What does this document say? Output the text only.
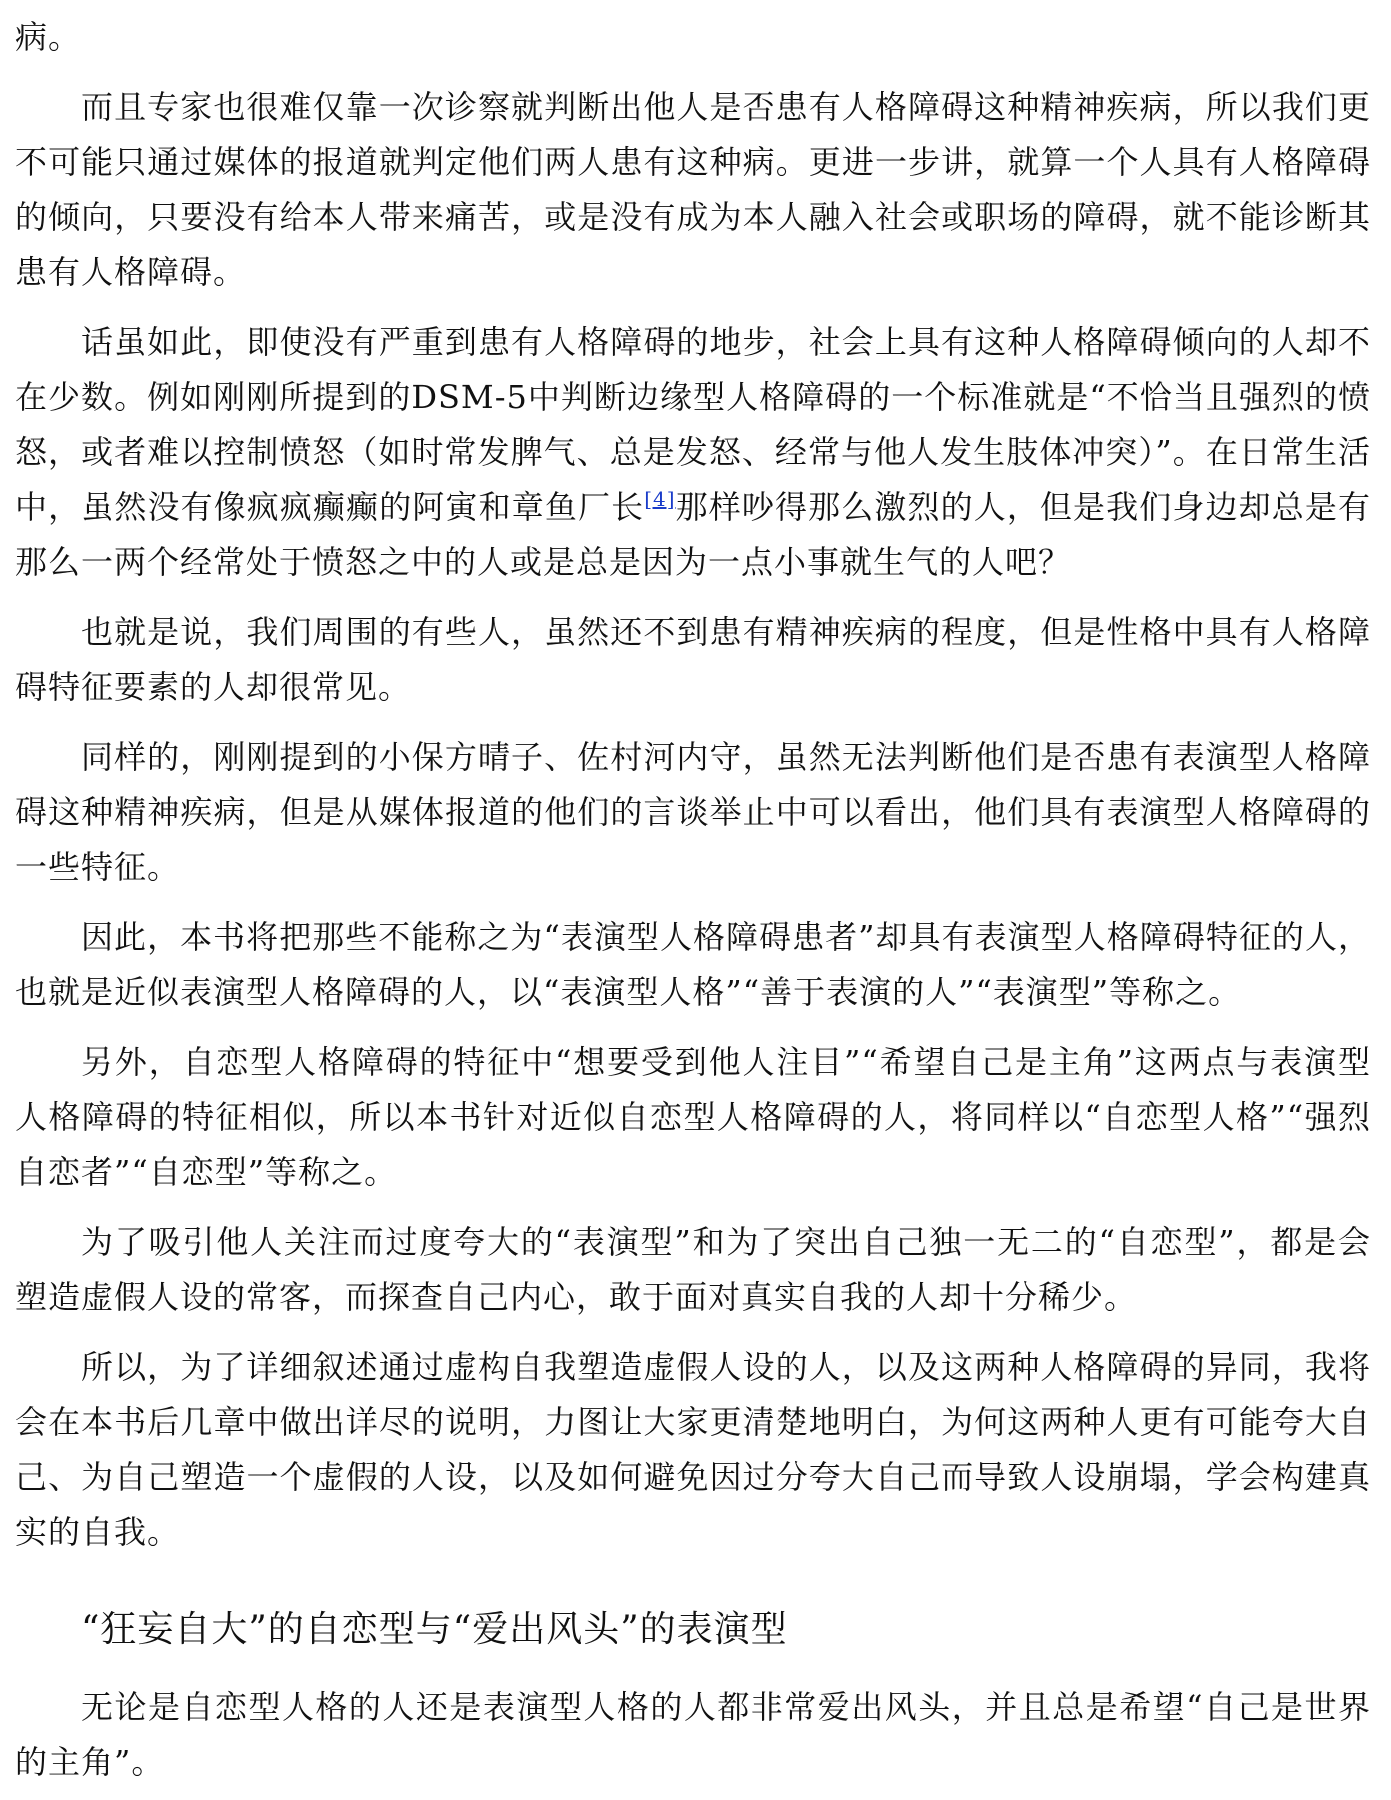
病。

而且专家也很难仅靠一次诊察就判断出他人是否患有人格障碍这种精神疾病，所以我们更不可能只通过媒体的报道就判定他们两人患有这种病。更进一步讲，就算一个人具有人格障碍的倾向，只要没有给本人带来痛苦，或是没有成为本人融入社会或职场的障碍，就不能诊断其患有人格障碍。

话虽如此，即使没有严重到患有人格障碍的地步，社会上具有这种人格障碍倾向的人却不在少数。例如刚刚所提到的DSM-5中判断边缘型人格障碍的一个标准就是“不恰当且强烈的愤怒，或者难以控制愤怒（如时常发脾气、总是发怒、经常与他人发生肢体冲突）”。在日常生活中，虽然没有像疯疯癫癫的阿寅和章鱼厂长[4]那样吵得那么激烈的人，但是我们身边却总是有那么一两个经常处于愤怒之中的人或是总是因为一点小事就生气的人吧？

也就是说，我们周围的有些人，虽然还不到患有精神疾病的程度，但是性格中具有人格障碍特征要素的人却很常见。

同样的，刚刚提到的小保方晴子、佐村河内守，虽然无法判断他们是否患有表演型人格障碍这种精神疾病，但是从媒体报道的他们的言谈举止中可以看出，他们具有表演型人格障碍的一些特征。

因此，本书将把那些不能称之为“表演型人格障碍患者”却具有表演型人格障碍特征的人，也就是近似表演型人格障碍的人，以“表演型人格”“善于表演的人”“表演型”等称之。

另外，自恋型人格障碍的特征中“想要受到他人注目”“希望自己是主角”这两点与表演型人格障碍的特征相似，所以本书针对近似自恋型人格障碍的人，将同样以“自恋型人格”“强烈自恋者”“自恋型”等称之。

为了吸引他人关注而过度夸大的“表演型”和为了突出自己独一无二的“自恋型”，都是会塑造虚假人设的常客，而探查自己内心，敢于面对真实自我的人却十分稀少。

所以，为了详细叙述通过虚构自我塑造虚假人设的人，以及这两种人格障碍的异同，我将会在本书后几章中做出详尽的说明，力图让大家更清楚地明白，为何这两种人更有可能夸大自己、为自己塑造一个虚假的人设，以及如何避免因过分夸大自己而导致人设崩塌，学会构建真实的自我。

“狂妄自大”的自恋型与“爱出风头”的表演型

无论是自恋型人格的人还是表演型人格的人都非常爱出风头，并且总是希望“自己是世界的主角”。
